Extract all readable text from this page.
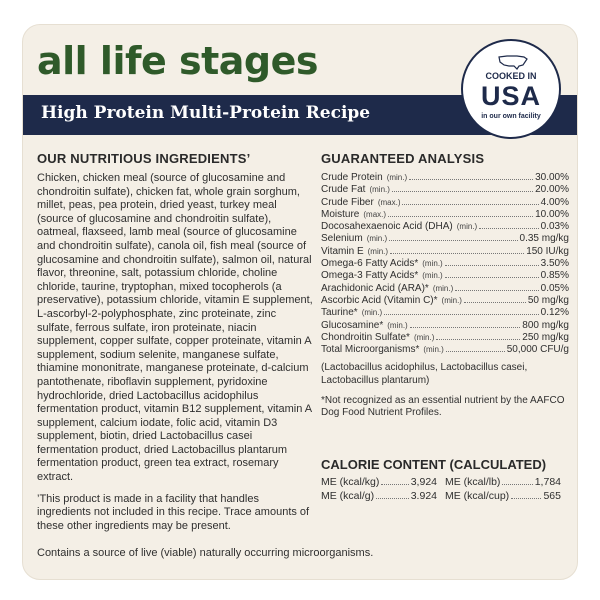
all life stages
High Protein Multi-Protein Recipe
COOKED IN
USA
in our own facility
OUR NUTRITIOUS INGREDIENTS’
Chicken, chicken meal (source of glucosamine and chondroitin sulfate), chicken fat, whole grain sorghum, millet, peas, pea protein, dried yeast, turkey meal (source of glucosamine and chondroitin sulfate), oatmeal, flaxseed, lamb meal (source of glucosamine and chondroitin sulfate), canola oil, fish meal (source of glucosamine and chondroitin sulfate), salmon oil, natural flavor, threonine, salt, potassium chloride, choline chloride, taurine, tryptophan, mixed tocopherols (a preservative), potassium chloride, vitamin E supplement, L-ascorbyl-2-polyphosphate, zinc proteinate, zinc sulfate, ferrous sulfate, iron proteinate, niacin supplement, copper sulfate, copper proteinate, vitamin A supplement, sodium selenite, manganese sulfate, thiamine mononitrate, manganese proteinate, d-calcium pantothenate, riboflavin supplement, pyridoxine hydrochloride, dried Lactobacillus acidophilus fermentation product, vitamin B12 supplement, vitamin A supplement, calcium iodate, folic acid, vitamin D3 supplement, biotin, dried Lactobacillus casei fermentation product, dried Lactobacillus plantarum fermentation product, green tea extract, rosemary extract.
’This product is made in a facility that handles ingredients not included in this recipe. Trace amounts of these other ingredients may be present.
Contains a source of live (viable) naturally occurring microorganisms.
GUARANTEED ANALYSIS
Crude Protein (min.)	30.00%
Crude Fat (min.)	20.00%
Crude Fiber (max.)	4.00%
Moisture (max.)	10.00%
Docosahexaenoic Acid (DHA) (min.)	0.03%
Selenium (min.)	0.35 mg/kg
Vitamin E (min.)	150 IU/kg
Omega-6 Fatty Acids* (min.)	3.50%
Omega-3 Fatty Acids* (min.)	0.85%
Arachidonic Acid (ARA)* (min.)	0.05%
Ascorbic Acid (Vitamin C)* (min.)	50 mg/kg
Taurine* (min.)	0.12%
Glucosamine* (min.)	800 mg/kg
Chondroitin Sulfate* (min.)	250 mg/kg
Total Microorganisms* (min.)	50,000 CFU/g
(Lactobacillus acidophilus, Lactobacillus casei, Lactobacillus plantarum)
*Not recognized as an essential nutrient by the AAFCO Dog Food Nutrient Profiles.
CALORIE CONTENT (CALCULATED)
ME (kcal/kg)	3,924 ME (kcal/lb)	1,784
ME (kcal/g)	3.924 ME (kcal/cup)	565
